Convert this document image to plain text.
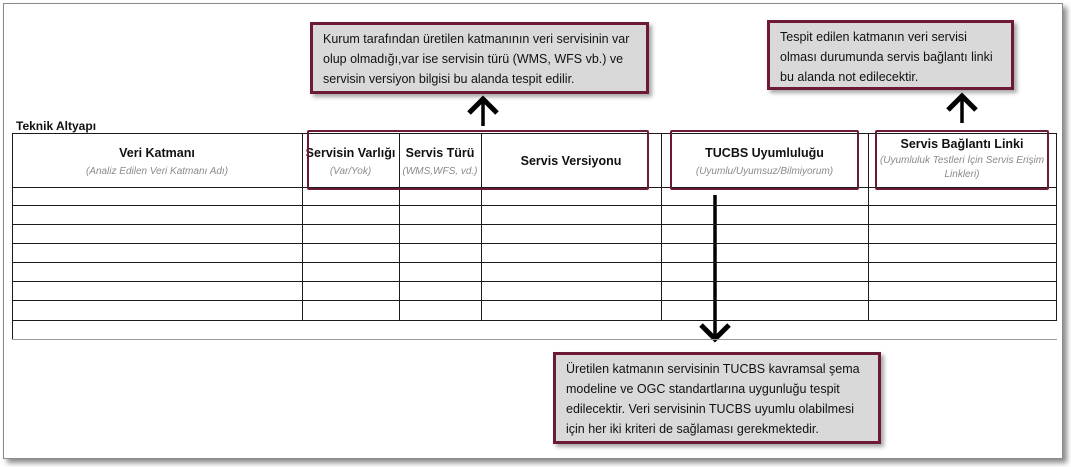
Kurum tarafından üretilen katmanının veri servisinin var olup olmadığı,var ise servisin türü (WMS, WFS vb.) ve servisin versiyon bilgisi bu alanda tespit edilir.
Tespit edilen katmanın veri servisi olması durumunda servis bağlantı linki bu alanda not edilecektir.
Üretilen katmanın servisinin TUCBS kavramsal şema modeline ve OGC standartlarına uygunluğu tespit edilecektir. Veri servisinin TUCBS uyumlu olabilmesi için her iki kriteri de sağlaması gerekmektedir.
Teknik Altyapı
Veri Katmanı
(Analiz Edilen Veri Katmanı Adı)
Servisin Varlığı
(Var/Yok)
Servis Türü
(WMS,WFS, vd.)
Servis Versiyonu
TUCBS Uyumluluğu
(Uyumlu/Uyumsuz/Bilmiyorum)
Servis Bağlantı Linki
(Uyumluluk Testleri İçin Servis Erişim Linkleri)
